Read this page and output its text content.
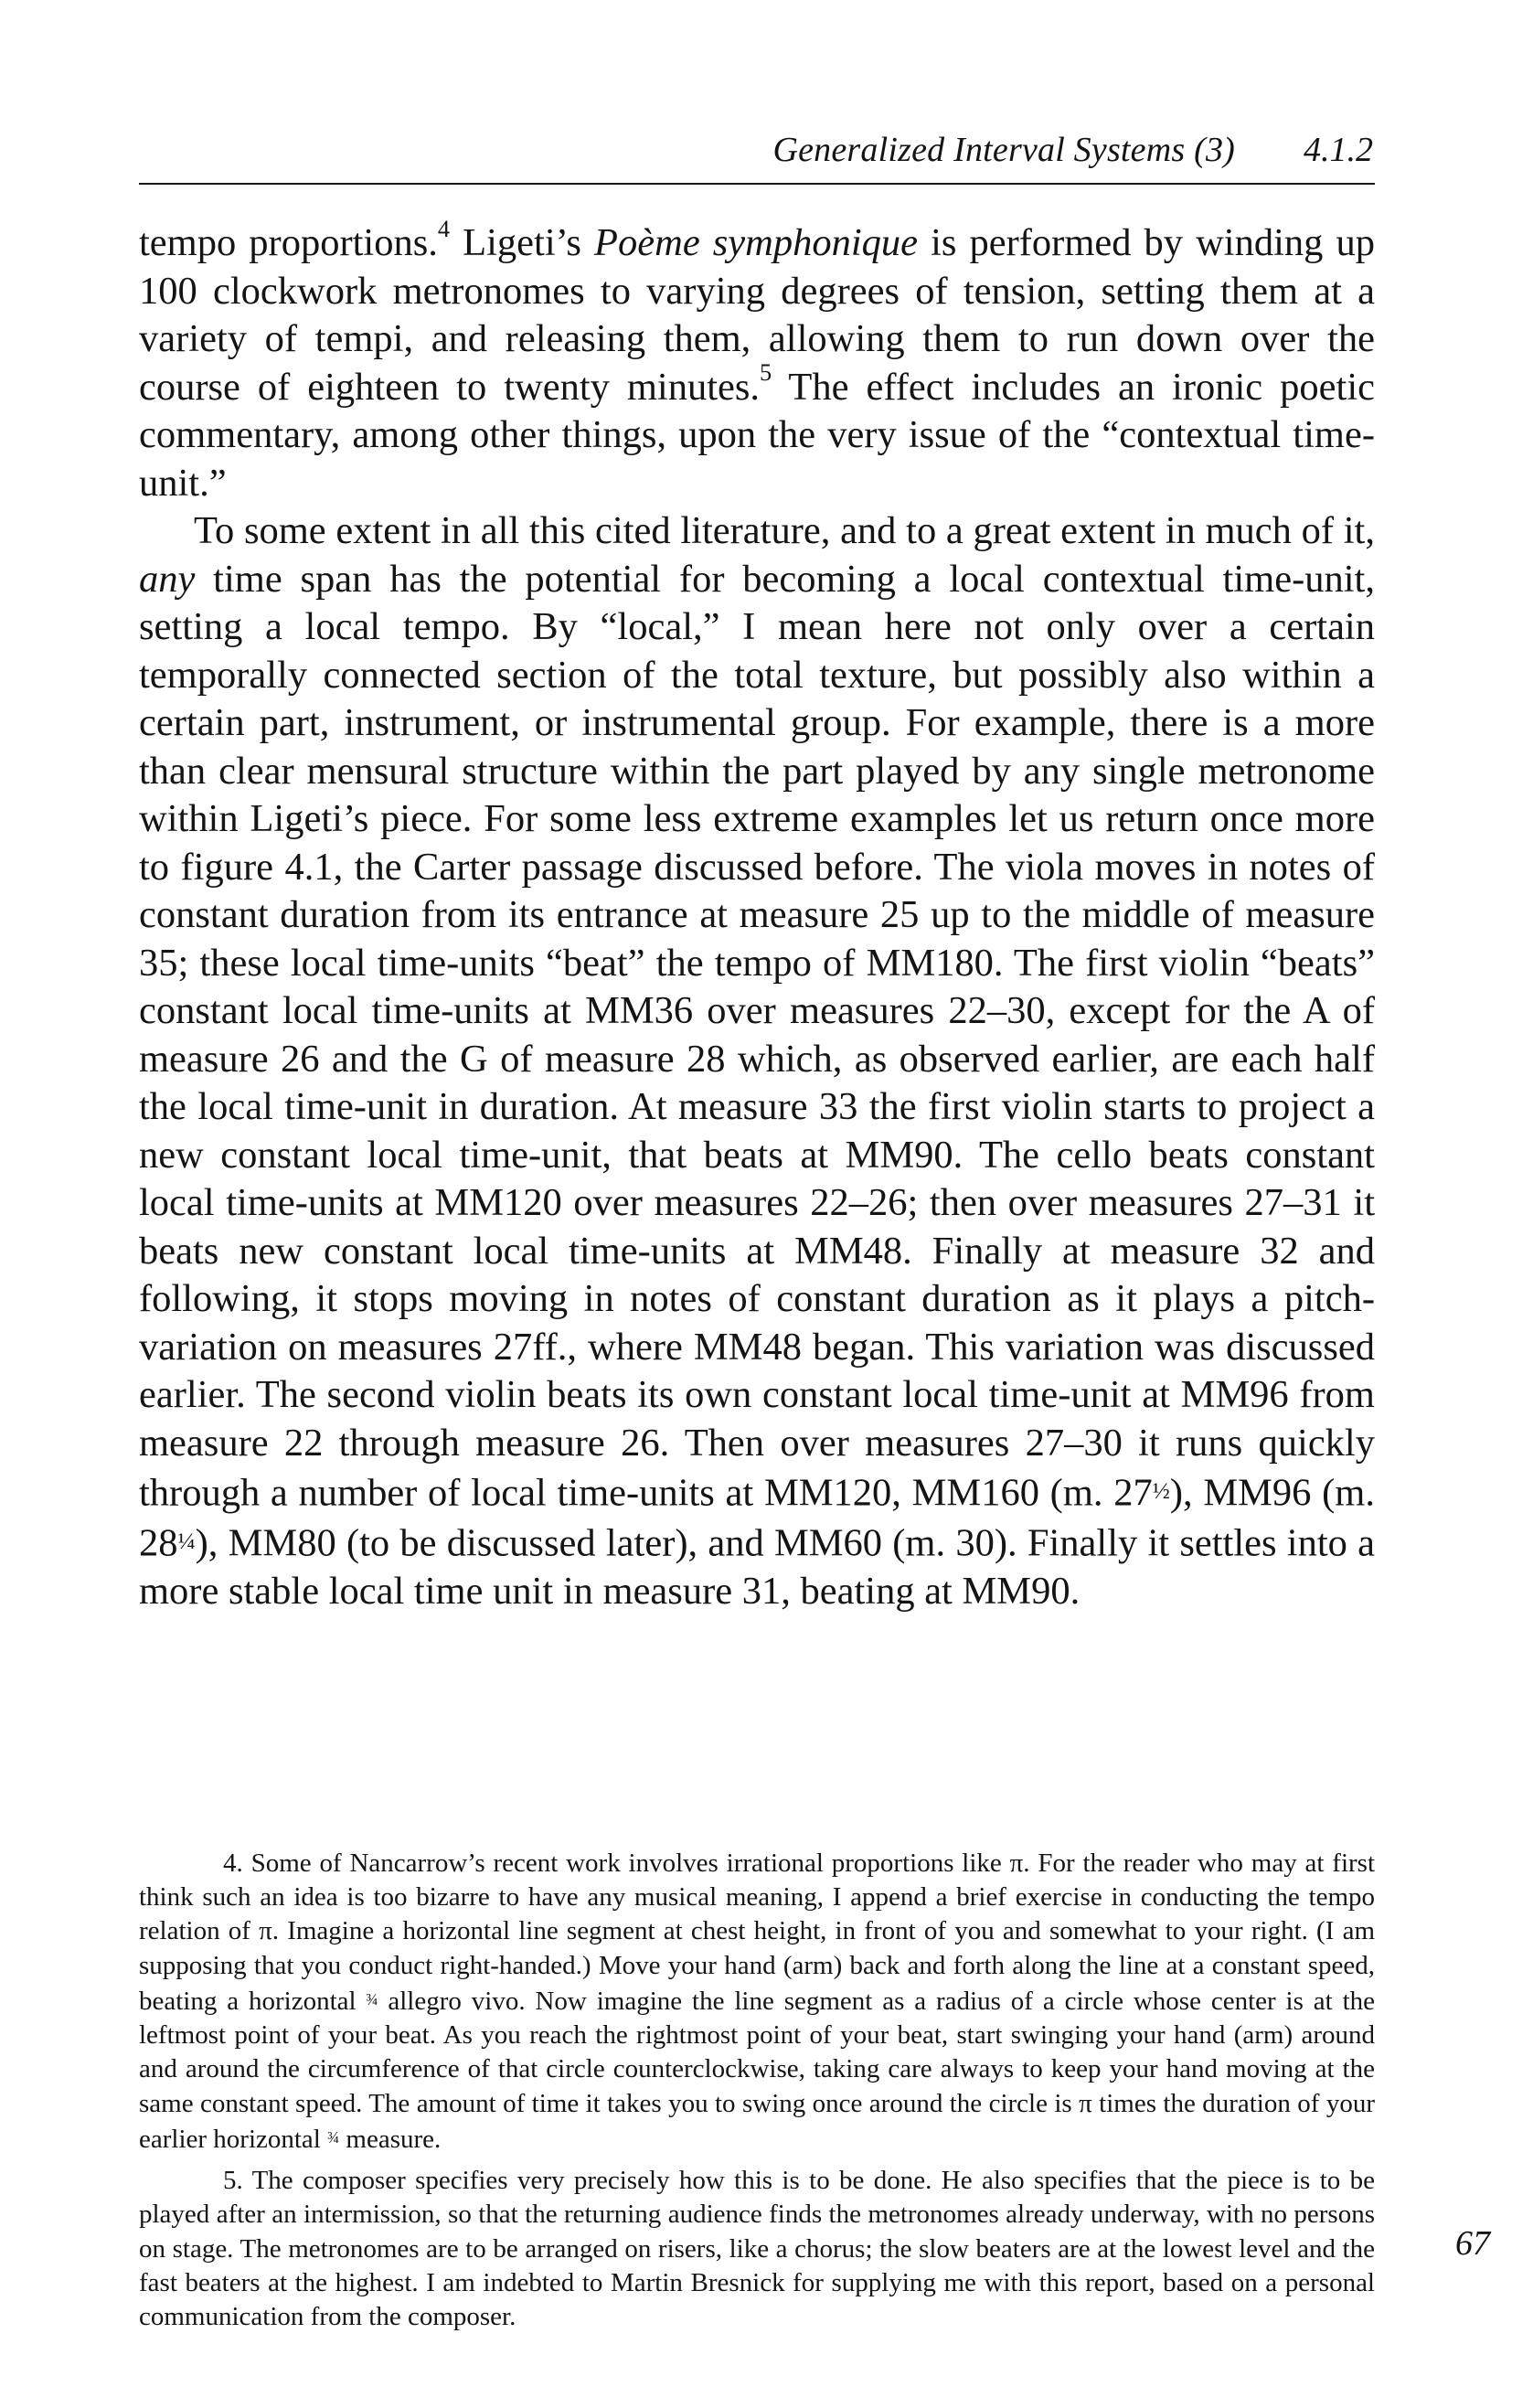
Generalized Interval Systems (3) 4.1.2

tempo proportions.$^4$ Ligeti’s Poème symphonique is performed by winding up 100 clockwork metronomes to varying degrees of tension, setting them at a variety of tempi, and releasing them, allowing them to run down over the course of eighteen to twenty minutes.$^5$ The effect includes an ironic poetic commentary, among other things, upon the very issue of the “contextual time-unit.”

To some extent in all this cited literature, and to a great extent in much of it, any time span has the potential for becoming a local contextual time-unit, setting a local tempo. By “local,” I mean here not only over a certain temporally connected section of the total texture, but possibly also within a certain part, instrument, or instrumental group. For example, there is a more than clear mensural structure within the part played by any single metronome within Ligeti’s piece. For some less extreme examples let us return once more to figure 4.1, the Carter passage discussed before. The viola moves in notes of constant duration from its entrance at measure 25 up to the middle of measure 35; these local time-units “beat” the tempo of MM180. The first violin “beats” constant local time-units at MM36 over measures 22–30, except for the A of measure 26 and the G of measure 28 which, as observed earlier, are each half the local time-unit in duration. At measure 33 the first violin starts to project a new constant local time-unit, that beats at MM90. The cello beats constant local time-units at MM120 over measures 22–26; then over measures 27–31 it beats new constant local time-units at MM48. Finally at measure 32 and following, it stops moving in notes of constant duration as it plays a pitch-variation on measures 27ff., where MM48 began. This variation was discussed earlier. The second violin beats its own constant local time-unit at MM96 from measure 22 through measure 26. Then over measures 27–30 it runs quickly through a number of local time-units at MM120, MM160 (m. 27½), MM96 (m. 28¼), MM80 (to be discussed later), and MM60 (m. 30). Finally it settles into a more stable local time unit in measure 31, beating at MM90.

4. Some of Nancarrow’s recent work involves irrational proportions like π. For the reader who may at first think such an idea is too bizarre to have any musical meaning, I append a brief exercise in conducting the tempo relation of π. Imagine a horizontal line segment at chest height, in front of you and somewhat to your right. (I am supposing that you conduct right-handed.) Move your hand (arm) back and forth along the line at a constant speed, beating a horizontal ¾ allegro vivo. Now imagine the line segment as a radius of a circle whose center is at the leftmost point of your beat. As you reach the rightmost point of your beat, start swinging your hand (arm) around and around the circumference of that circle counterclockwise, taking care always to keep your hand moving at the same constant speed. The amount of time it takes you to swing once around the circle is π times the duration of your earlier horizontal ¾ measure.

5. The composer specifies very precisely how this is to be done. He also specifies that the piece is to be played after an intermission, so that the returning audience finds the metronomes already underway, with no persons on stage. The metronomes are to be arranged on risers, like a chorus; the slow beaters are at the lowest level and the fast beaters at the highest. I am indebted to Martin Bresnick for supplying me with this report, based on a personal communication from the composer.

67
